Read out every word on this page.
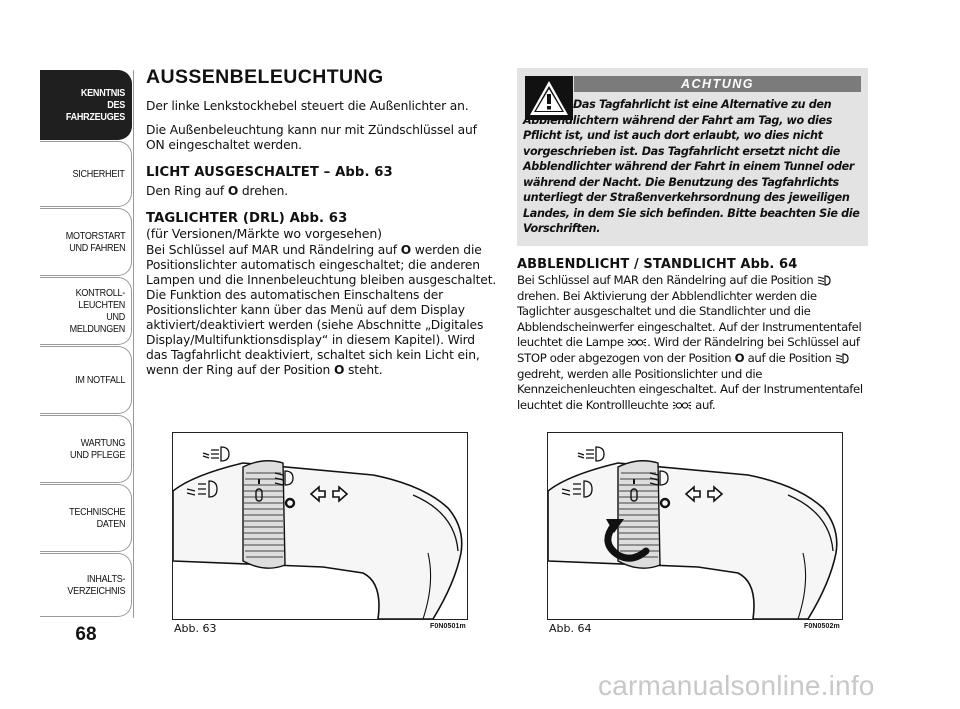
KENNTNIS
DES FAHRZEUGES
SICHERHEIT
MOTORSTART
UND FAHREN
KONTROLL-
LEUCHTEN
UND MELDUNGEN
IM NOTFALL
WARTUNG
UND PFLEGE
TECHNISCHE
DATEN
INHALTS-
VERZEICHNIS
68
AUSSENBELEUCHTUNG

Der linke Lenkstockhebel steuert die Außenlichter an.

Die Außenbeleuchtung kann nur mit Zündschlüssel auf ON eingeschaltet werden.

LICHT AUSGESCHALTET – Abb. 63

Den Ring auf O drehen.

TAGLICHTER (DRL) Abb. 63

(für Versionen/Märkte wo vorgesehen)

Bei Schlüssel auf MAR und Rändelring auf O werden die Positionslichter automatisch eingeschaltet; die anderen Lampen und die Innenbeleuchtung bleiben ausgeschaltet. Die Funktion des automatischen Einschaltens der Positionslichter kann über das Menü auf dem Display aktiviert/deaktiviert werden (siehe Abschnitte „Digitales Display/Multifunktionsdisplay“ in diesem Kapitel). Wird das Tagfahrlicht deaktiviert, schaltet sich kein Licht ein, wenn der Ring auf der Position O steht.

ACHTUNG
Das Tagfahrlicht ist eine Alternative zu den Abblendlichtern während der Fahrt am Tag, wo dies Pflicht ist, und ist auch dort erlaubt, wo dies nicht vorgeschrieben ist. Das Tagfahrlicht ersetzt nicht die Abblendlichter während der Fahrt in einem Tunnel oder während der Nacht. Die Benutzung des Tagfahrlichts unterliegt der Straßenverkehrsordnung des jeweiligen Landes, in dem Sie sich befinden. Bitte beachten Sie die Vorschriften.
ABBLENDLICHT / STANDLICHT Abb. 64

Bei Schlüssel auf MAR den Rändelring auf die Position  drehen. Bei Aktivierung der Abblendlichter werden die Taglichter ausgeschaltet und die Standlichter und die Abblendscheinwerfer eingeschaltet. Auf der Instrumententafel leuchtet die Lampe . Wird der Rändelring bei Schlüssel auf STOP oder abgezogen von der Position O auf die Position  gedreht, werden alle Positionslichter und die Kennzeichenleuchten eingeschaltet. Auf der Instrumententafel leuchtet die Kontrollleuchte  auf.

Abb. 63	F0N0501m	Abb. 64	F0N0502m
carmanualsonline.info
